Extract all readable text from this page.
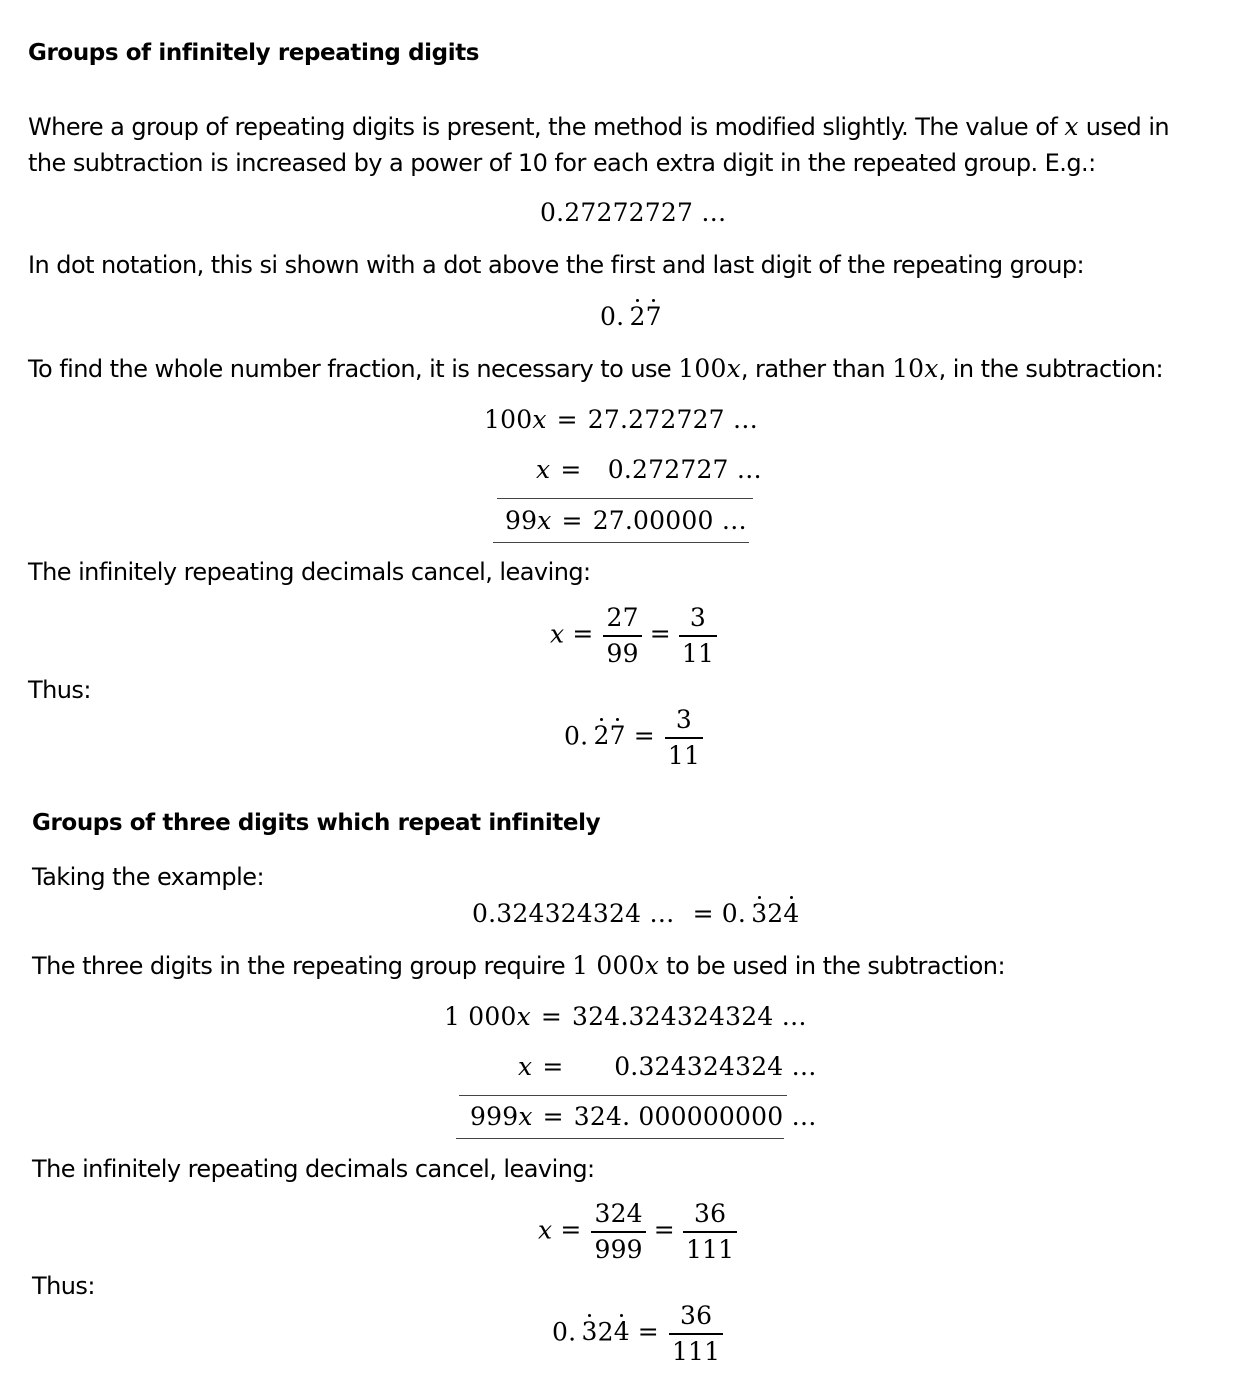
Groups of infinitely repeating digits
Where a group of repeating digits is present, the method is modified slightly. The value of x used in
the subtraction is increased by a power of 10 for each extra digit in the repeated group. E.g.:
0.27272727 …
In dot notation, this si shown with a dot above the first and last digit of the repeating group:
0.  27
To find the whole number fraction, it is necessary to use 100x, rather than 10x, in the subtraction:
100x = 27.272727 …
x = 0.272727 …
99x = 27.00000 …
The infinitely repeating decimals cancel, leaving:
$x = \frac{27}{99} = \frac{3}{11}$
Thus:
0.  $27 = \frac{3}{11}$
Groups of three digits which repeat infinitely
Taking the example:
0.324324324 … = 0.  324
The three digits in the repeating group require 1 000x to be used in the subtraction:
1 000x = 324.324324324 …
x = 0.324324324 …
999x = 324. 000000000 …
The infinitely repeating decimals cancel, leaving:
$x = \frac{324}{999} = \frac{36}{111}$
Thus:
0.  $324 = \frac{36}{111}$
